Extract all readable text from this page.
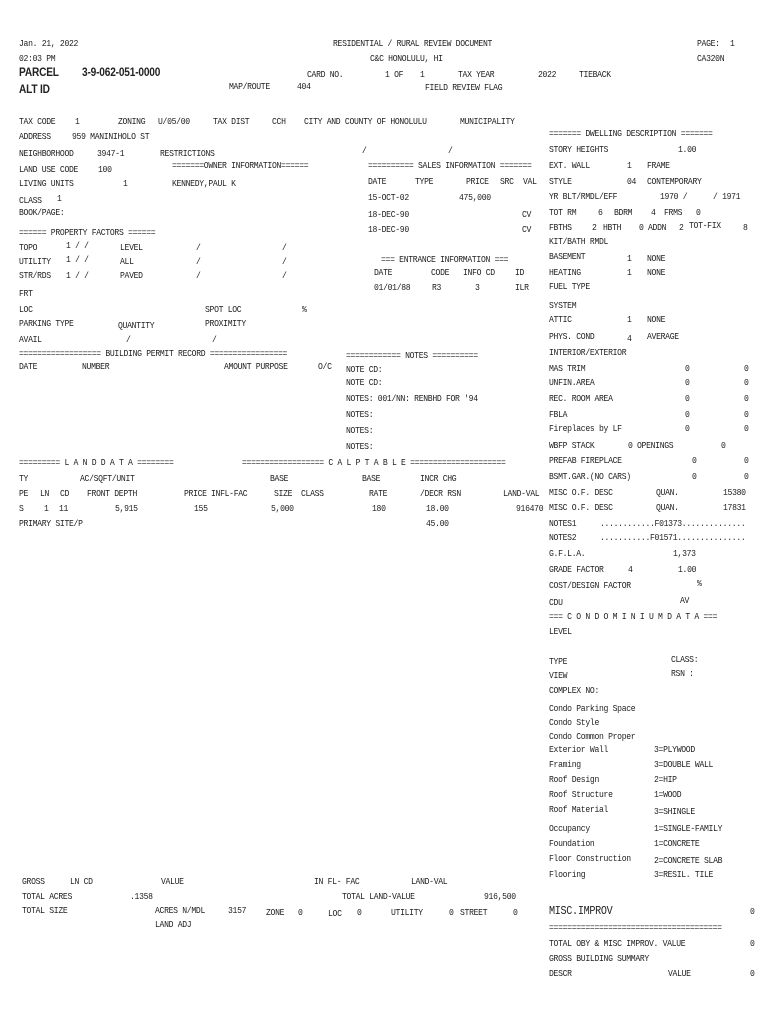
Jan. 21, 2022
02:03 PM
RESIDENTIAL / RURAL REVIEW DOCUMENT
C&C HONOLULU, HI
PAGE: 1
CA320N
PARCEL 3-9-062-051-0000
ALT ID	MAP/ROUTE	404
CARD NO.	1 OF 1	TAX YEAR	2022 TIEBACK
FIELD REVIEW FLAG
TAX CODE 1	ZONING U/05/00	TAX DIST CCH CITY AND COUNTY OF HONOLULU	MUNICIPALITY
ADDRESS 959 MANINIHOLO ST
NEIGHBORHOOD	3947-1	RESTRICTIONS	/	/
LAND USE CODE 100	=======OWNER INFORMATION======
LIVING UNITS	1	KENNEDY,PAUL K
CLASS 1
BOOK/PAGE:
====== PROPERTY FACTORS ======
TOPO	1 / /	LEVEL	/	/
UTILITY 1 / /	ALL	/	/
STR/RDS 1 / /	PAVED	/	/
FRT
LOC	SPOT LOC	%
PARKING TYPE	QUANTITY	PROXIMITY
AVAIL	/	/
================== BUILDING PERMIT RECORD =================
DATE	NUMBER	AMOUNT PURPOSE	O/C
========== SALES INFORMATION =======
DATE	TYPE	PRICE SRC VAL
15-OCT-02	475,000
18-DEC-90	CV
18-DEC-90	CV
=== ENTRANCE INFORMATION ===
DATE	CODE INFO CD ID
01/01/88 R3	3	ILR
============ NOTES ==========
NOTE CD:
NOTE CD:
NOTES: 001/NN: RENBHD FOR '94
NOTES:
NOTES:
NOTES:
========= L A N D D A T A ========	================== C A L P T A B L E =====================
TY	AC/SQFT/UNIT	BASE	BASE	INCR CHG
PE LN CD FRONT DEPTH	PRICE INFL-FAC	SIZE CLASS	RATE	/DECR RSN	LAND-VAL
S 1 11	5,915	155	5,000	180	18.00	916470
45.00
PRIMARY SITE/P
GROSS	LN CD	VALUE	IN FL- FAC	LAND-VAL
TOTAL ACRES	.1358	TOTAL LAND-VALUE	916,500
TOTAL SIZE	ACRES N/MDL	3157 ZONE 0	LOC 0	UTILITY	0 STREET	0
LAND ADJ
======= DWELLING DESCRIPTION =======
STORY HEIGHTS	1.00
EXT. WALL	1 FRAME
STYLE	04 CONTEMPORARY
YR BLT/RMDL/EFF	1970 /	/ 1971
TOT RM 6 BDRM 4 FRMS 0
FBTHS 2 HBTH 0 ADDN 2 TOT-FIX 8
KIT/BATH RMDL
BASEMENT	1 NONE
HEATING	1 NONE
FUEL TYPE
SYSTEM
ATTIC	1 NONE
PHYS. COND	4 AVERAGE
INTERIOR/EXTERIOR
MAS TRIM	0	0
UNFIN.AREA	0	0
REC. ROOM AREA	0	0
FBLA	0	0
Fireplaces by LF	0	0
WBFP STACK	0 OPENINGS	0
PREFAB FIREPLACE	0	0
BSMT.GAR.(NO CARS)	0	0
MISC O.F. DESC	QUAN.	15380
MISC O.F. DESC	QUAN.	17831
NOTES1	............F01373..............
NOTES2	...........F01571...............
G.F.L.A.	1,373
GRADE FACTOR	4	1.00
COST/DESIGN FACTOR	%
CDU	AV
=== C O N D O M I N I U M D A T A ===
LEVEL
TYPE	CLASS:
VIEW	RSN :
COMPLEX NO:
Condo Parking Space
Condo Style
Condo Common Proper
Exterior Wall	3=PLYWOOD
Framing	3=DOUBLE WALL
Roof Design	2=HIP
Roof Structure	1=WOOD
Roof Material	3=SHINGLE
Occupancy	1=SINGLE-FAMILY
Foundation	1=CONCRETE
Floor Construction	2=CONCRETE SLAB
Flooring	3=RESIL. TILE
MISC.IMPROV	0
======================================
TOTAL OBY & MISC IMPROV. VALUE	0
GROSS BUILDING SUMMARY
DESCR	VALUE	0
